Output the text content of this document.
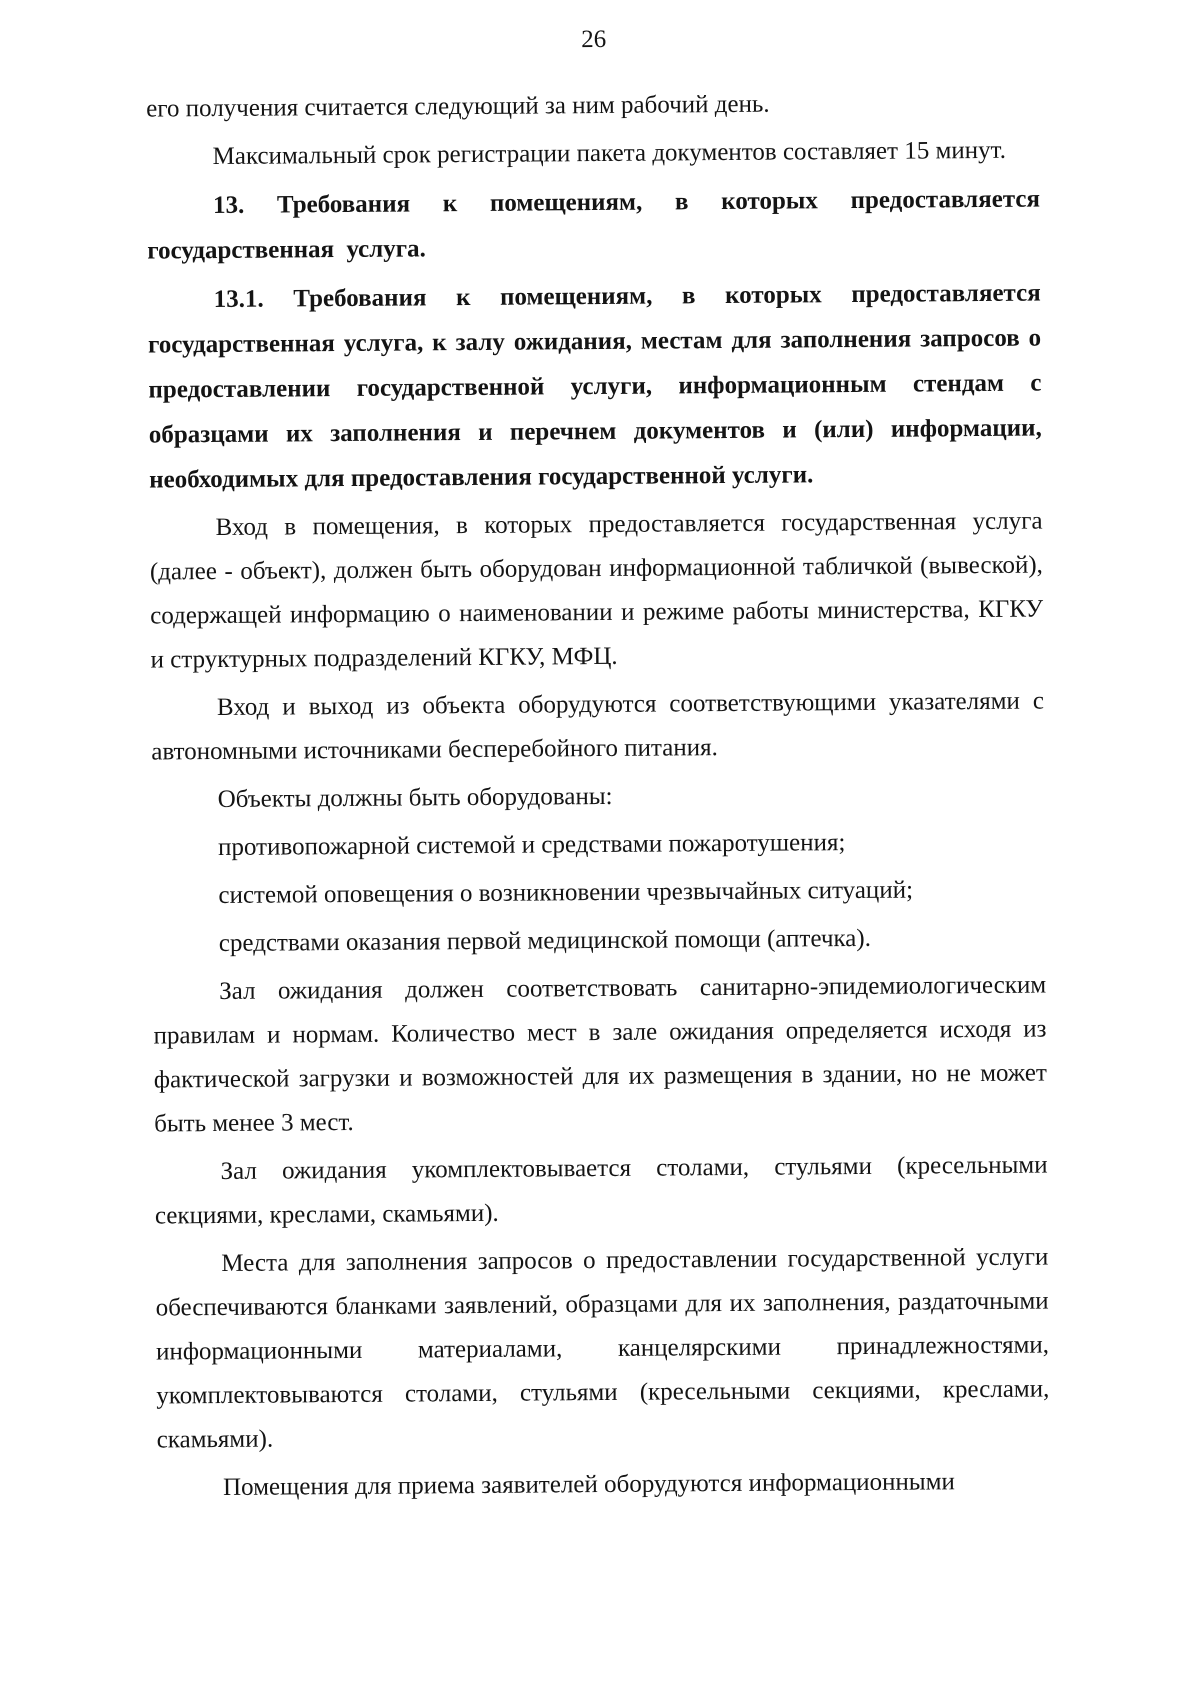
26

его получения считается следующий за ним рабочий день.

Максимальный срок регистрации пакета документов составляет 15 минут.

13. Требования к помещениям, в которых предоставляется государственная услуга.

13.1. Требования к помещениям, в которых предоставляется государственная услуга, к залу ожидания, местам для заполнения запросов о предоставлении государственной услуги, информационным стендам с образцами их заполнения и перечнем документов и (или) информации, необходимых для предоставления государственной услуги.

Вход в помещения, в которых предоставляется государственная услуга (далее - объект), должен быть оборудован информационной табличкой (вывеской), содержащей информацию о наименовании и режиме работы министерства, КГКУ и структурных подразделений КГКУ, МФЦ.

Вход и выход из объекта оборудуются соответствующими указателями с автономными источниками бесперебойного питания.

Объекты должны быть оборудованы:

противопожарной системой и средствами пожаротушения;

системой оповещения о возникновении чрезвычайных ситуаций;

средствами оказания первой медицинской помощи (аптечка).

Зал ожидания должен соответствовать санитарно-эпидемиологическим правилам и нормам. Количество мест в зале ожидания определяется исходя из фактической загрузки и возможностей для их размещения в здании, но не может быть менее 3 мест.

Зал ожидания укомплектовывается столами, стульями (кресельными секциями, креслами, скамьями).

Места для заполнения запросов о предоставлении государственной услуги обеспечиваются бланками заявлений, образцами для их заполнения, раздаточными информационными материалами, канцелярскими принадлежностями, укомплектовываются столами, стульями (кресельными секциями, креслами, скамьями).

Помещения для приема заявителей оборудуются информационными
